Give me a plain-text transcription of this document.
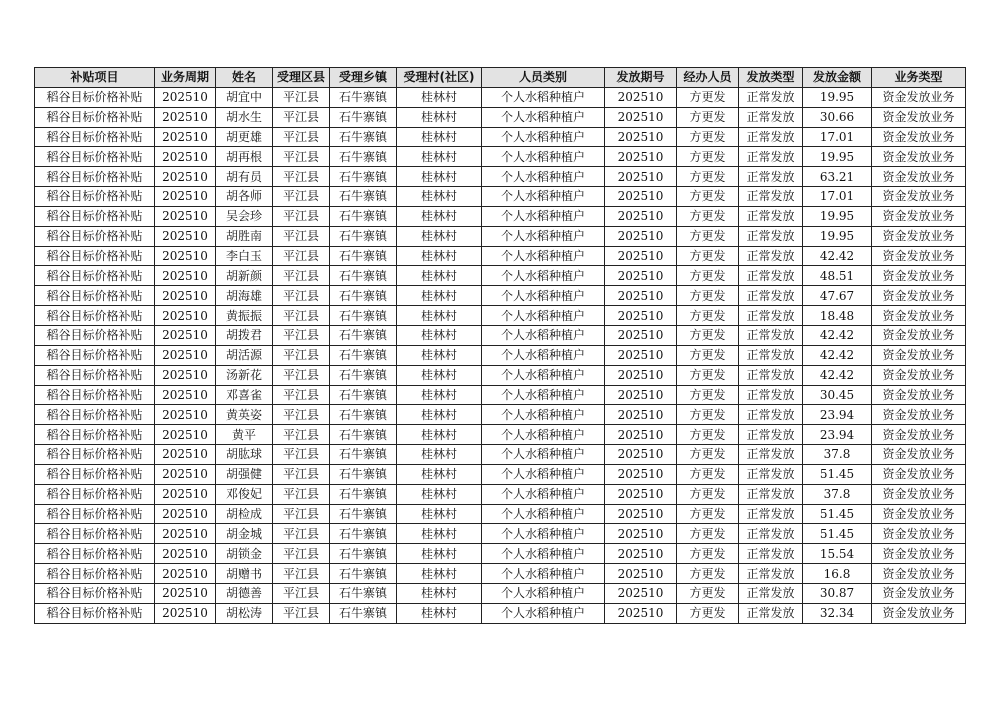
补贴项目	业务周期	姓名	受理区县	受理乡镇	受理村(社区)	人员类别	发放期号	经办人员	发放类型	发放金额	业务类型
稻谷目标价格补贴	202510	胡宜中	平江县	石牛寨镇	桂林村	个人水稻种植户	202510	方更发	正常发放	19.95	资金发放业务
稻谷目标价格补贴	202510	胡水生	平江县	石牛寨镇	桂林村	个人水稻种植户	202510	方更发	正常发放	30.66	资金发放业务
稻谷目标价格补贴	202510	胡更雄	平江县	石牛寨镇	桂林村	个人水稻种植户	202510	方更发	正常发放	17.01	资金发放业务
稻谷目标价格补贴	202510	胡再根	平江县	石牛寨镇	桂林村	个人水稻种植户	202510	方更发	正常发放	19.95	资金发放业务
稻谷目标价格补贴	202510	胡有员	平江县	石牛寨镇	桂林村	个人水稻种植户	202510	方更发	正常发放	63.21	资金发放业务
稻谷目标价格补贴	202510	胡各师	平江县	石牛寨镇	桂林村	个人水稻种植户	202510	方更发	正常发放	17.01	资金发放业务
稻谷目标价格补贴	202510	吴会珍	平江县	石牛寨镇	桂林村	个人水稻种植户	202510	方更发	正常发放	19.95	资金发放业务
稻谷目标价格补贴	202510	胡胜南	平江县	石牛寨镇	桂林村	个人水稻种植户	202510	方更发	正常发放	19.95	资金发放业务
稻谷目标价格补贴	202510	李白玉	平江县	石牛寨镇	桂林村	个人水稻种植户	202510	方更发	正常发放	42.42	资金发放业务
稻谷目标价格补贴	202510	胡新颜	平江县	石牛寨镇	桂林村	个人水稻种植户	202510	方更发	正常发放	48.51	资金发放业务
稻谷目标价格补贴	202510	胡海雄	平江县	石牛寨镇	桂林村	个人水稻种植户	202510	方更发	正常发放	47.67	资金发放业务
稻谷目标价格补贴	202510	黄振振	平江县	石牛寨镇	桂林村	个人水稻种植户	202510	方更发	正常发放	18.48	资金发放业务
稻谷目标价格补贴	202510	胡拨君	平江县	石牛寨镇	桂林村	个人水稻种植户	202510	方更发	正常发放	42.42	资金发放业务
稻谷目标价格补贴	202510	胡活源	平江县	石牛寨镇	桂林村	个人水稻种植户	202510	方更发	正常发放	42.42	资金发放业务
稻谷目标价格补贴	202510	汤新花	平江县	石牛寨镇	桂林村	个人水稻种植户	202510	方更发	正常发放	42.42	资金发放业务
稻谷目标价格补贴	202510	邓喜雀	平江县	石牛寨镇	桂林村	个人水稻种植户	202510	方更发	正常发放	30.45	资金发放业务
稻谷目标价格补贴	202510	黄英姿	平江县	石牛寨镇	桂林村	个人水稻种植户	202510	方更发	正常发放	23.94	资金发放业务
稻谷目标价格补贴	202510	黄平	平江县	石牛寨镇	桂林村	个人水稻种植户	202510	方更发	正常发放	23.94	资金发放业务
稻谷目标价格补贴	202510	胡肱球	平江县	石牛寨镇	桂林村	个人水稻种植户	202510	方更发	正常发放	37.8	资金发放业务
稻谷目标价格补贴	202510	胡强健	平江县	石牛寨镇	桂林村	个人水稻种植户	202510	方更发	正常发放	51.45	资金发放业务
稻谷目标价格补贴	202510	邓俊妃	平江县	石牛寨镇	桂林村	个人水稻种植户	202510	方更发	正常发放	37.8	资金发放业务
稻谷目标价格补贴	202510	胡检成	平江县	石牛寨镇	桂林村	个人水稻种植户	202510	方更发	正常发放	51.45	资金发放业务
稻谷目标价格补贴	202510	胡金城	平江县	石牛寨镇	桂林村	个人水稻种植户	202510	方更发	正常发放	51.45	资金发放业务
稻谷目标价格补贴	202510	胡锁金	平江县	石牛寨镇	桂林村	个人水稻种植户	202510	方更发	正常发放	15.54	资金发放业务
稻谷目标价格补贴	202510	胡赠书	平江县	石牛寨镇	桂林村	个人水稻种植户	202510	方更发	正常发放	16.8	资金发放业务
稻谷目标价格补贴	202510	胡德善	平江县	石牛寨镇	桂林村	个人水稻种植户	202510	方更发	正常发放	30.87	资金发放业务
稻谷目标价格补贴	202510	胡松涛	平江县	石牛寨镇	桂林村	个人水稻种植户	202510	方更发	正常发放	32.34	资金发放业务
